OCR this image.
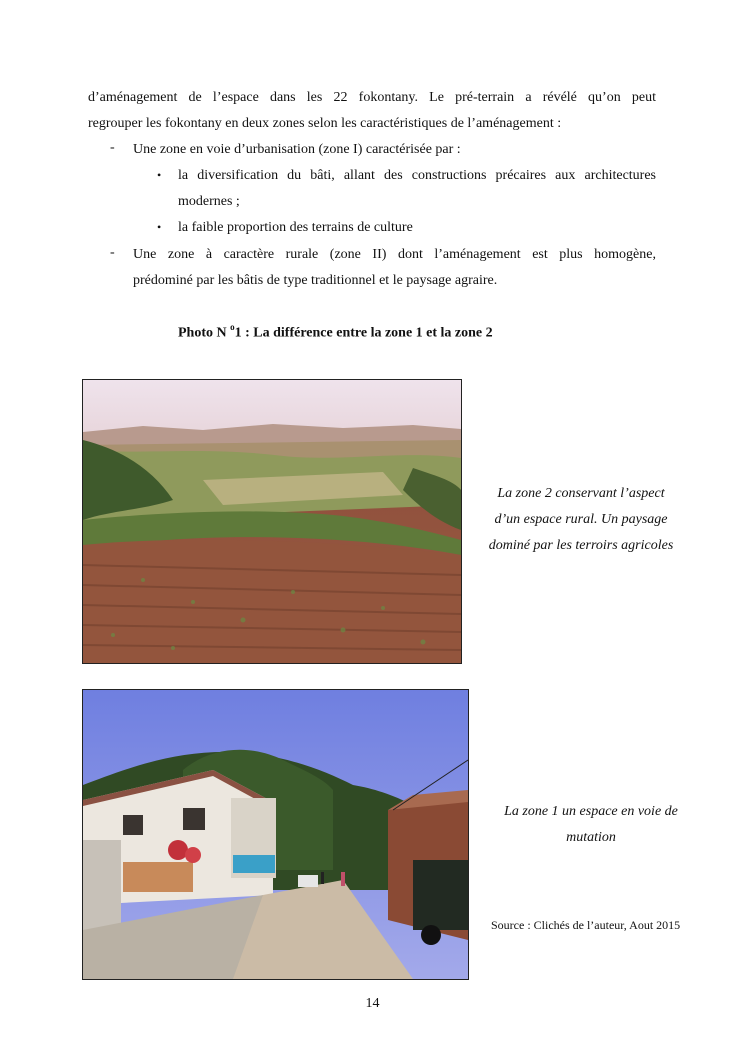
d’aménagement de l’espace dans les 22 fokontany. Le pré-terrain a révélé qu’on peut
regrouper les fokontany en deux zones selon les caractéristiques de l’aménagement :
- Une zone en voie d’urbanisation (zone I) caractérisée par :
• la diversification du bâti, allant des constructions précaires aux architectures
modernes ;
• la faible proportion des terrains de culture
- Une zone à caractère rurale (zone II) dont l’aménagement est plus homogène,
prédominé par les bâtis de type traditionnel et le paysage agraire.
Photo N $^o$1 : La différence entre la zone 1 et la zone 2
La zone 2 conservant l’aspect
d’un espace rural. Un paysage
dominé par les terroirs agricoles
La zone 1 un espace en voie de
mutation
Source : Clichés de l’auteur, Aout 2015
14
